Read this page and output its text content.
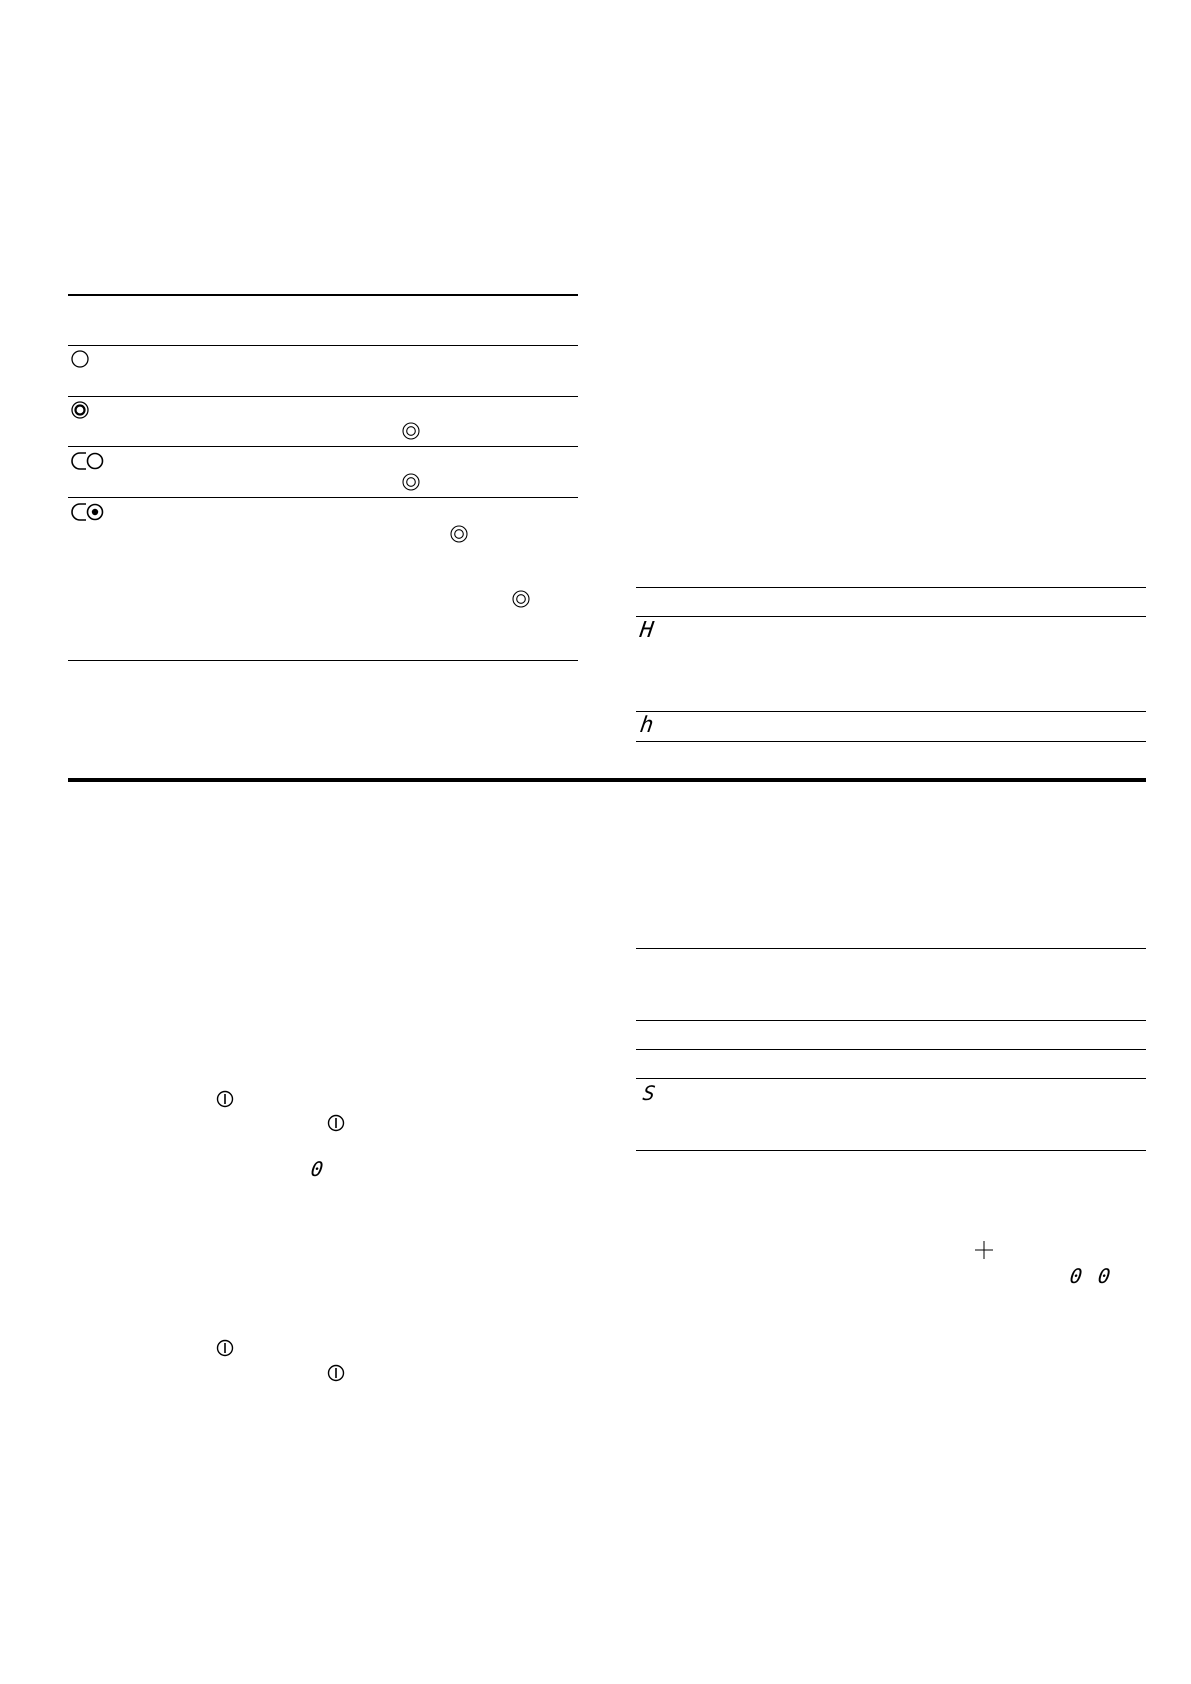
H
h
0
S
0 0
